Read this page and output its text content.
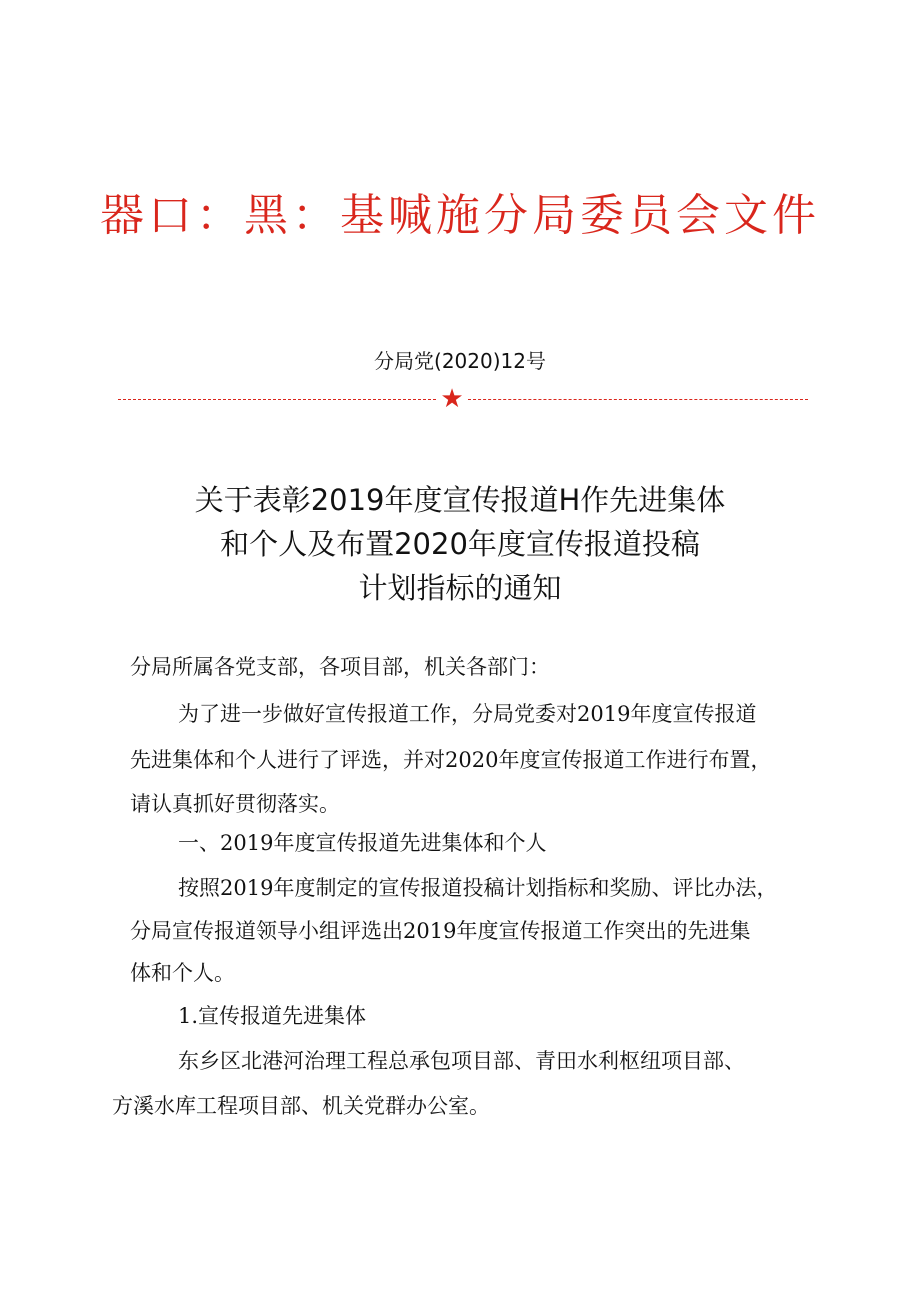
器口：黑：基喊施分局委员会文件
分局党(2020)12号
★
关于表彰2019年度宣传报道H作先进集体
和个人及布置2020年度宣传报道投稿
计划指标的通知
分局所属各党支部，各项目部，机关各部门：
为了进一步做好宣传报道工作，分局党委对2019年度宣传报道
先进集体和个人进行了评选，并对2020年度宣传报道工作进行布置，
请认真抓好贯彻落实。
一、2019年度宣传报道先进集体和个人
按照2019年度制定的宣传报道投稿计划指标和奖励、评比办法，
分局宣传报道领导小组评选出2019年度宣传报道工作突出的先进集
体和个人。
1.宣传报道先进集体
东乡区北港河治理工程总承包项目部、青田水利枢纽项目部、
方溪水库工程项目部、机关党群办公室。
